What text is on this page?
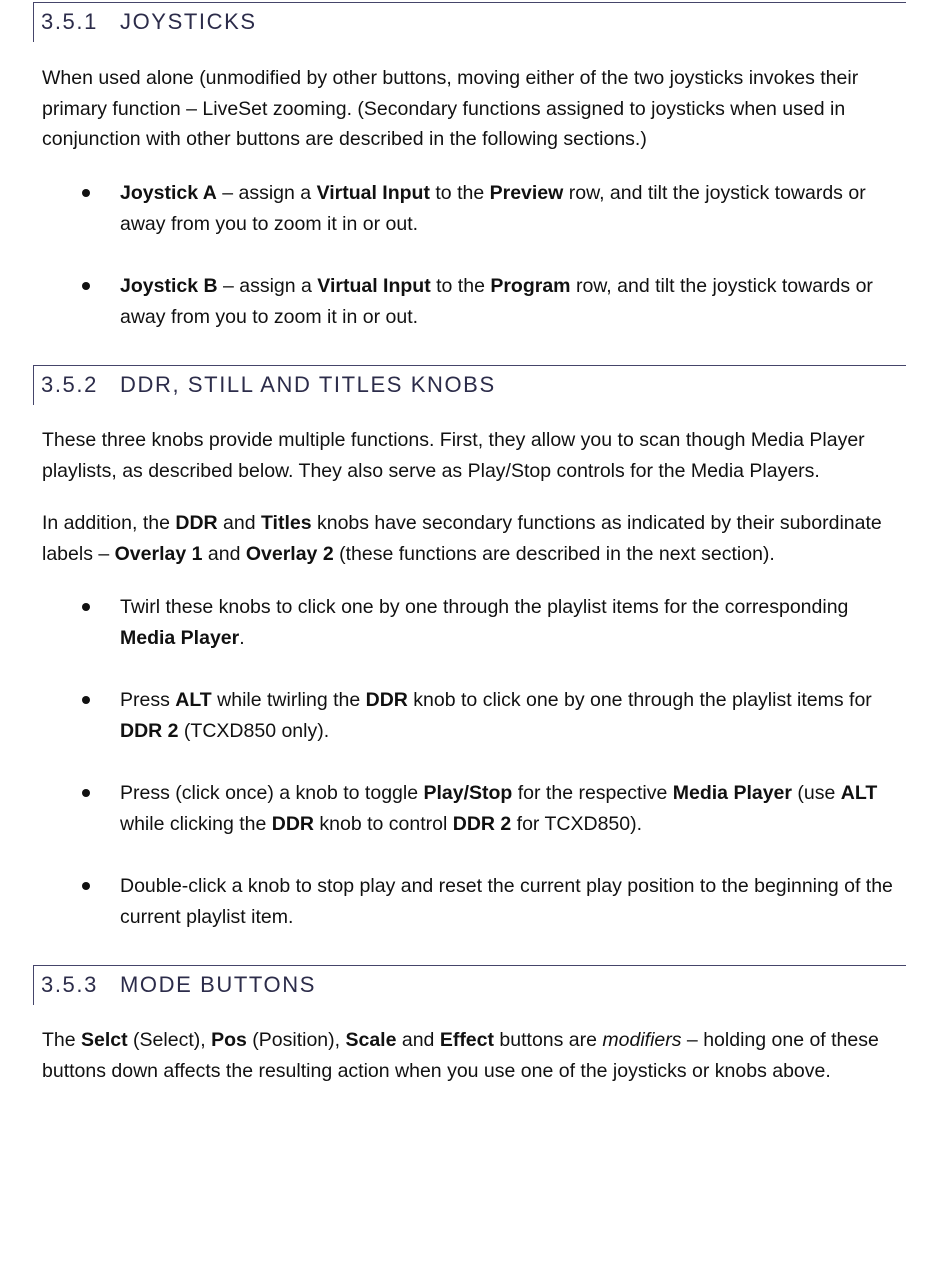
3.5.1 JOYSTICKS

When used alone (unmodified by other buttons, moving either of the two joysticks invokes their primary function – LiveSet zooming. (Secondary functions assigned to joysticks when used in conjunction with other buttons are described in the following sections.)

Joystick A – assign a Virtual Input to the Preview row, and tilt the joystick towards or away from you to zoom it in or out.
Joystick B – assign a Virtual Input to the Program row, and tilt the joystick towards or away from you to zoom it in or out.
3.5.2 DDR, STILL AND TITLES KNOBS

These three knobs provide multiple functions. First, they allow you to scan though Media Player playlists, as described below. They also serve as Play/Stop controls for the Media Players.

In addition, the DDR and Titles knobs have secondary functions as indicated by their subordinate labels – Overlay 1 and Overlay 2 (these functions are described in the next section).

Twirl these knobs to click one by one through the playlist items for the corresponding Media Player.
Press ALT while twirling the DDR knob to click one by one through the playlist items for DDR 2 (TCXD850 only).
Press (click once) a knob to toggle Play/Stop for the respective Media Player (use ALT while clicking the DDR knob to control DDR 2 for TCXD850).
Double-click a knob to stop play and reset the current play position to the beginning of the current playlist item.
3.5.3 MODE BUTTONS

The Selct (Select), Pos (Position), Scale and Effect buttons are modifiers – holding one of these buttons down affects the resulting action when you use one of the joysticks or knobs above.
